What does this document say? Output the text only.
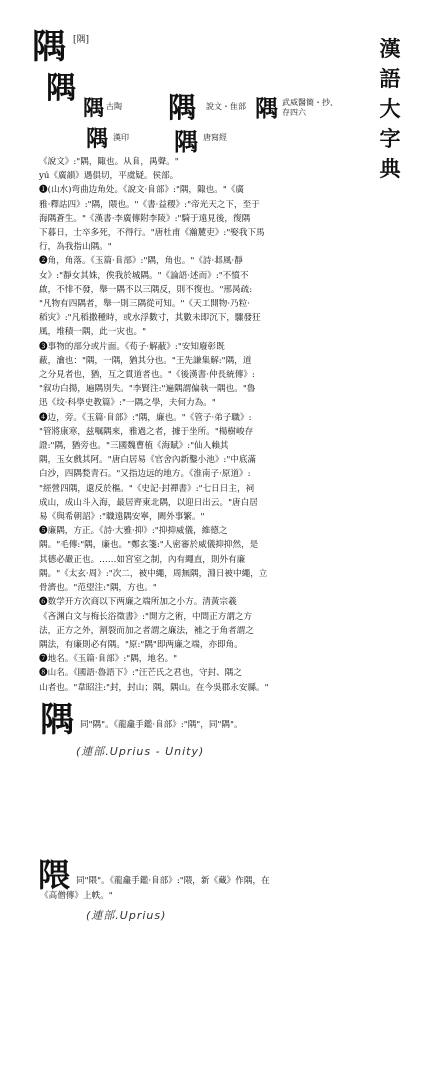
隅 [隅]
隅
隅 古陶 隅 說文・隹部 隅 武威醫簡・抄、存四六
隅 漢印 隅 唐寫經
漢
語
大
字
典

《說文》:"隅，陬也。从𨸏，禺聲。"

yú《廣韻》遇俱切，平虞疑。侯部。

❶(山水)弯曲边角处。《說文·𨸏部》:"隅，陬也。"《廣

雅·釋詁四》:"隅，隈也。"《書·益稷》:"帝光天之下，至于

海隅蒼生。"《漢書·李廣傳附李陵》:"騎于遠見後，復隅

下暮日，士卒多死，不得行。"唐杜甫《瀚麓吏》:"娶我下馬

行，為我指山隅。"

❷角，角落。《玉篇·𨸏部》:"隅，角也。"《詩·邶風·靜

女》:"靜女其姝，俟我於城隅。"《論語·述而》:"不憤不

啟，不悱不發，舉一隅不以三隅反，則不復也。"邢昺疏:

"凡物有四隅者，舉一則三隅從可知。"《天工開物·乃粒·

稻灾》:"凡稻撒種時，或水浮數寸，其數未即沉下，驟發狂

風，堆積一隅，此一灾也。"

❸事物的部分或片面。《荀子·解蔽》:"安知廢彰既

蔽，瀹也："隅，一隅，猶其分也。"王先謙集解:"隅，道

之分見者也，猶，互之貫道者也。"《後漢書·仲長統傳》:

"叙功白揚，遍隅別失。"李賢注:"遍隅謂偏執一隅也。"魯

迅《坟·科學史教篇》:"一隅之學，夫何力為。"

❹边，旁。《玉篇·𨸏部》:"隅，廉也。"《管子·弟子職》:

"管將康寒，兹嘱隅來，雅過之者，據于坐所。"楊樹峻存

證:"隅，猶旁也。"三國魏曹植《海賦》:"仙人賴其

隅，玉女戲其阿。"唐白居易《官舍內新鑿小池》:"中底滿

白沙，四隅甃青石。"又指边远的地方。《淮南子·原道》:

"經營四隅，還反於樞。"《史記·封禪書》:"七日日主，祠

成山，成山斗入海，最居齊東北隅，以迎日出云。"唐白居

易《與希朝詔》:"職遠隅安寧，闕外事繁。"

❺廉隅，方正。《詩·大雅·抑》:"抑抑威儀，維德之

隅。"毛傳:"隅，廉也。"鄭玄箋:"人密審於威儀抑抑然，是

其德必嚴正也。……如宮室之制，內有繩直，則外有廉

隅。"《太玄·周》:"次二，被中繩，周無隅，淵日被中繩，立

骨濟也。"范望注:"隅，方也。"

❻数学开方次商以下两廉之端所加之小方。清黃宗羲

《吝渊白文与梅长浴徵書》:"開方之術，中間正方謂之方

法，正方之外，割裂而加之者謂之廉法，補之于角者謂之

隅法，有廉則必有隅。"原:"隅"即两廉之端，亦即角。

❼地名。《玉篇·𨸏部》:"隅，地名。"

❽山名。《國語·魯語下》:"汪芒氏之君也，守封、隅之

山者也。"韋昭注:"封，封山；隅，隅山。在今吳郡永安縣。"

隅 同"隅"。《龍龕手鑑·𨸏部》:"隅"，同"隅"。
(連部.Uprius - Unity)
隈 同"隈"。《龍龕手鑑·𨸏部》:"隈，新《藏》作隅，在
《高僧傳》上帙。"
(連部.Uprius)
